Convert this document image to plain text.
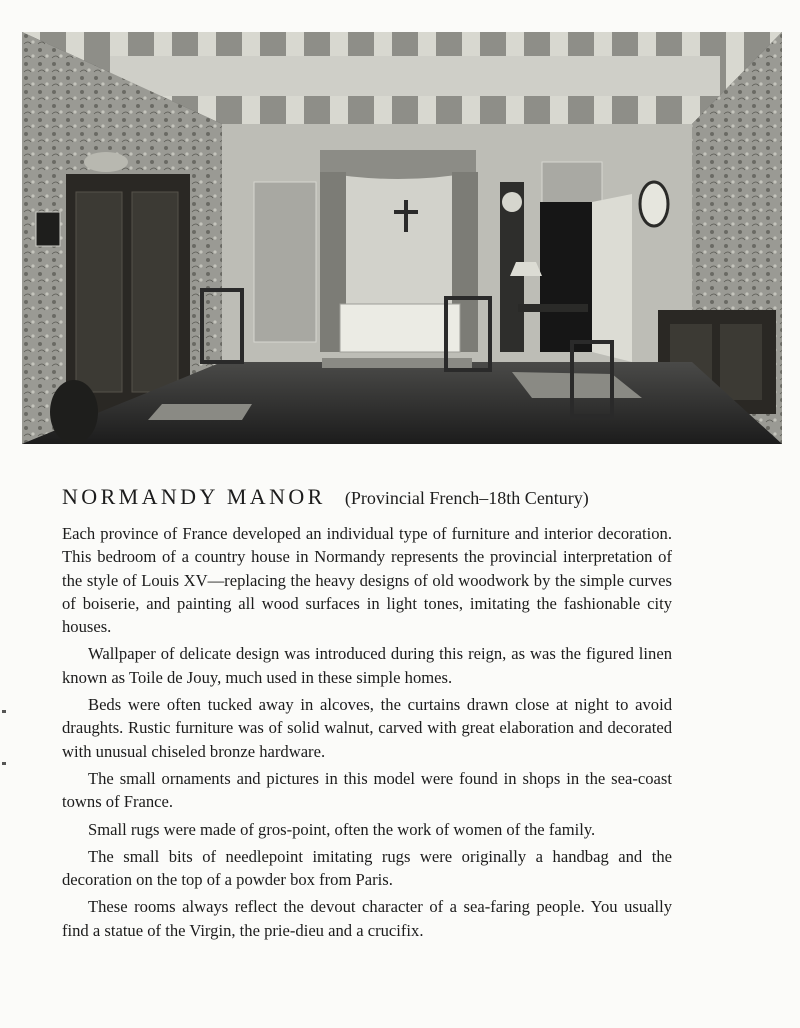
NORMANDY MANOR (Provincial French–18th Century)

Each province of France developed an individual type of furniture and interior decoration. This bedroom of a country house in Normandy represents the provincial interpretation of the style of Louis XV—replacing the heavy designs of old woodwork by the simple curves of boiserie, and painting all wood surfaces in light tones, imitating the fashionable city houses.

Wallpaper of delicate design was introduced during this reign, as was the figured linen known as Toile de Jouy, much used in these simple homes.

Beds were often tucked away in alcoves, the curtains drawn close at night to avoid draughts. Rustic furniture was of solid walnut, carved with great elaboration and decorated with unusual chiseled bronze hardware.

The small ornaments and pictures in this model were found in shops in the sea-coast towns of France.

Small rugs were made of gros-point, often the work of women of the family.

The small bits of needlepoint imitating rugs were originally a handbag and the decoration on the top of a powder box from Paris.

These rooms always reflect the devout character of a sea-faring people. You usually find a statue of the Virgin, the prie-dieu and a crucifix.
